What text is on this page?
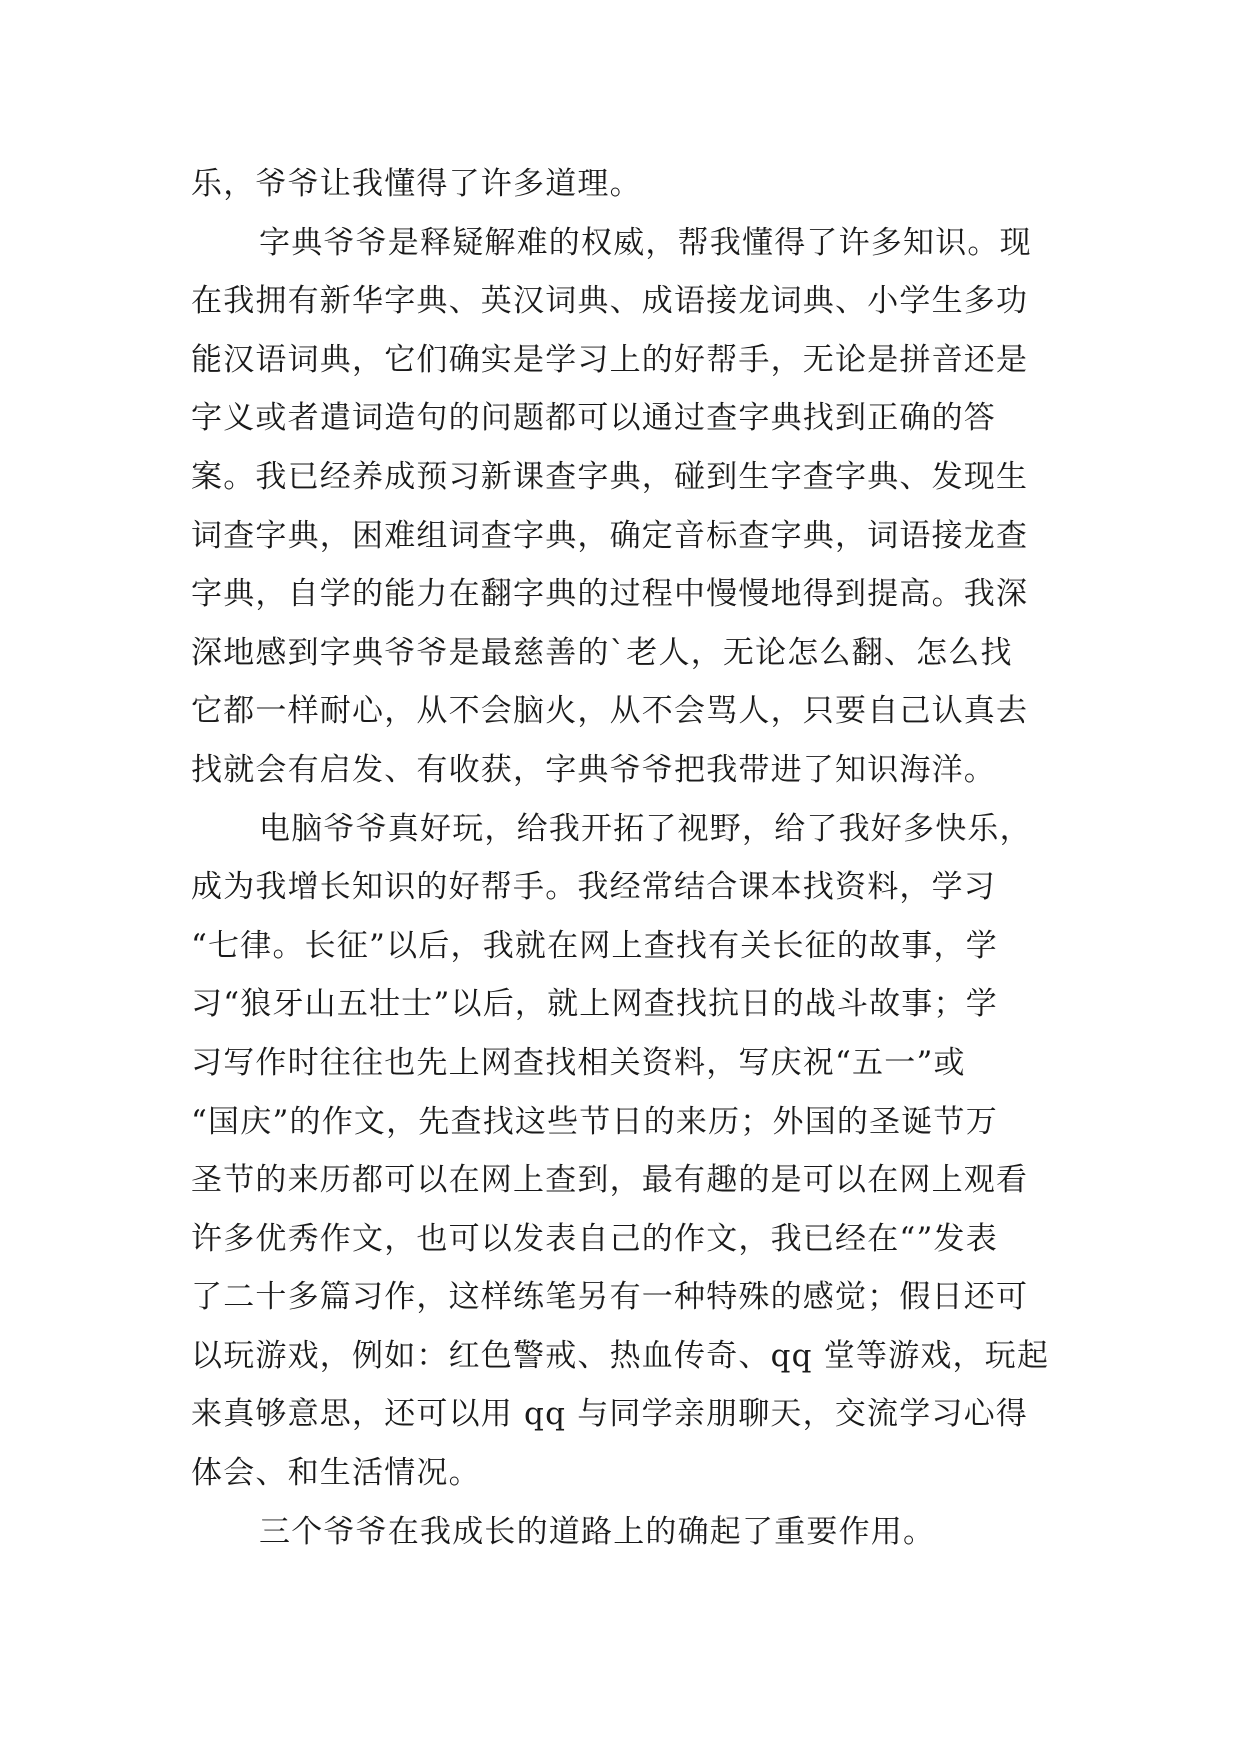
乐，爷爷让我懂得了许多道理。
字典爷爷是释疑解难的权威，帮我懂得了许多知识。现
在我拥有新华字典、英汉词典、成语接龙词典、小学生多功
能汉语词典，它们确实是学习上的好帮手，无论是拼音还是
字义或者遣词造句的问题都可以通过查字典找到正确的答
案。我已经养成预习新课查字典，碰到生字查字典、发现生
词查字典，困难组词查字典，确定音标查字典，词语接龙查
字典，自学的能力在翻字典的过程中慢慢地得到提高。我深
深地感到字典爷爷是最慈善的`老人，无论怎么翻、怎么找
它都一样耐心，从不会脑火，从不会骂人，只要自己认真去
找就会有启发、有收获，字典爷爷把我带进了知识海洋。
电脑爷爷真好玩，给我开拓了视野，给了我好多快乐，
成为我增长知识的好帮手。我经常结合课本找资料，学习
“七律。长征”以后，我就在网上查找有关长征的故事，学
习“狼牙山五壮士”以后，就上网查找抗日的战斗故事；学
习写作时往往也先上网查找相关资料，写庆祝“五一”或
“国庆”的作文，先查找这些节日的来历；外国的圣诞节万
圣节的来历都可以在网上查到，最有趣的是可以在网上观看
许多优秀作文，也可以发表自己的作文，我已经在“”发表
了二十多篇习作，这样练笔另有一种特殊的感觉；假日还可
以玩游戏，例如：红色警戒、热血传奇、qq 堂等游戏，玩起
来真够意思，还可以用 qq 与同学亲朋聊天，交流学习心得
体会、和生活情况。
三个爷爷在我成长的道路上的确起了重要作用。
